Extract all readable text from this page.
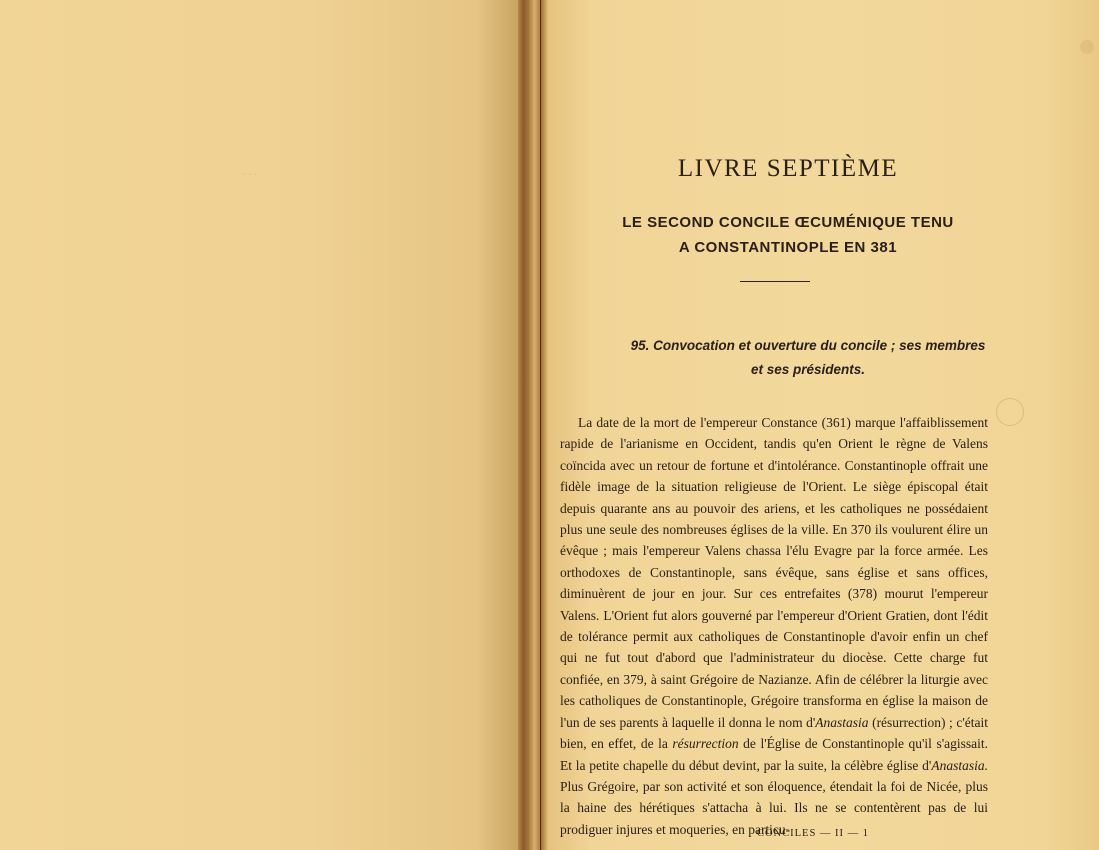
…	LIVRE SEPTIÈME
LE SECOND CONCILE ŒCUMÉNIQUE TENU
A CONSTANTINOPLE EN 381
95. Convocation et ouverture du concile ; ses membres
et ses présidents.

La date de la mort de l'empereur Constance (361) marque l'affaiblissement rapide de l'arianisme en Occident, tandis qu'en Orient le règne de Valens coïncida avec un retour de fortune et d'intolérance. Constantinople offrait une fidèle image de la situation religieuse de l'Orient. Le siège épiscopal était depuis quarante ans au pouvoir des ariens, et les catholiques ne possédaient plus une seule des nombreuses églises de la ville. En 370 ils voulurent élire un évêque ; mais l'empereur Valens chassa l'élu Evagre par la force armée. Les orthodoxes de Constantinople, sans évêque, sans église et sans offices, diminuèrent de jour en jour. Sur ces entrefaites (378) mourut l'empereur Valens. L'Orient fut alors gouverné par l'empereur d'Orient Gratien, dont l'édit de tolérance permit aux catholiques de Constantinople d'avoir enfin un chef qui ne fut tout d'abord que l'administrateur du diocèse. Cette charge fut confiée, en 379, à saint Grégoire de Nazianze. Afin de célébrer la liturgie avec les catholiques de Constantinople, Grégoire transforma en église la maison de l'un de ses parents à laquelle il donna le nom d'Anastasia (résurrection) ; c'était bien, en effet, de la résurrection de l'Église de Constantinople qu'il s'agissait. Et la petite chapelle du début devint, par la suite, la célèbre église d'Anastasia. Plus Grégoire, par son activité et son éloquence, étendait la foi de Nicée, plus la haine des hérétiques s'attacha à lui. Ils ne se contentèrent pas de lui prodiguer injures et moqueries, en particu-

CONCILES — II — 1
